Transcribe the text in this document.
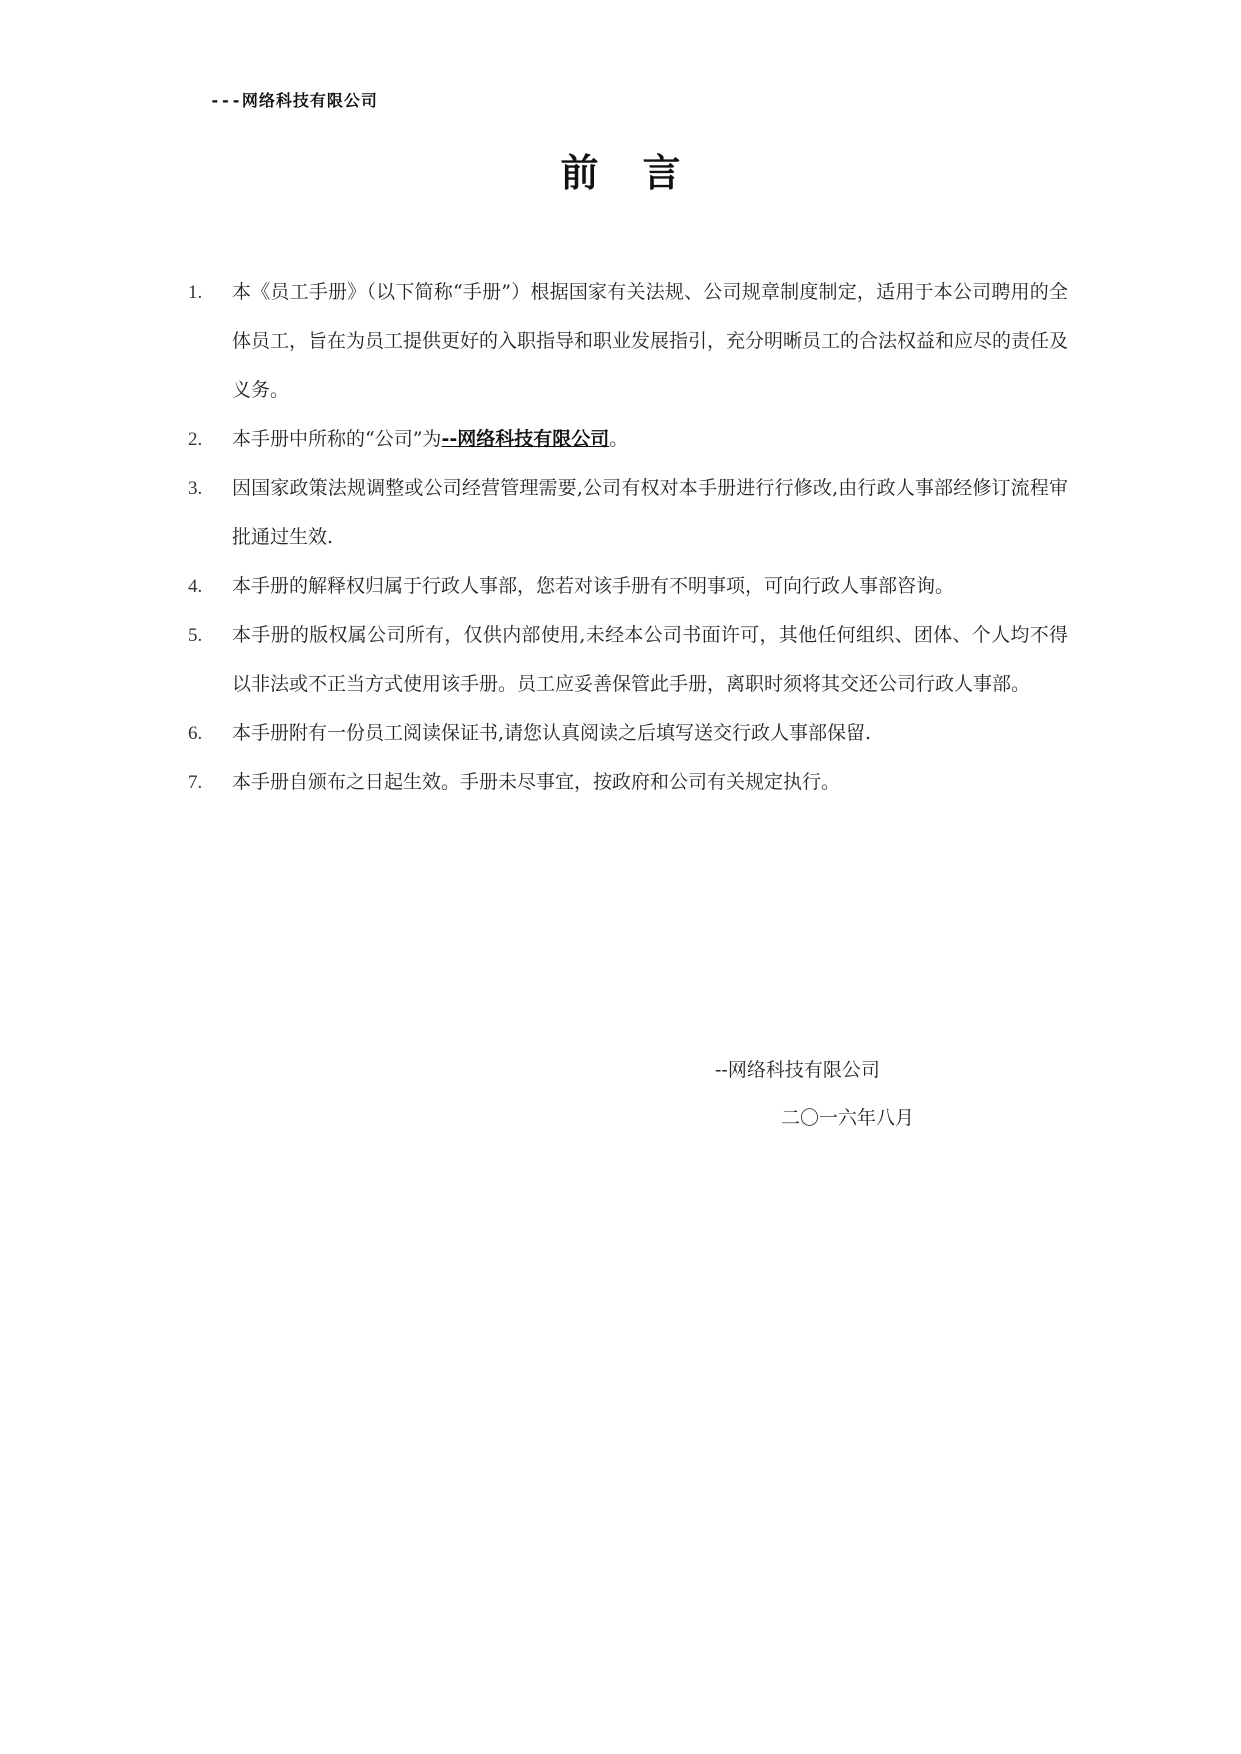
---网络科技有限公司
前言
1.	本《员工手册》（以下简称“手册”）根据国家有关法规、公司规章制度制定，适用于本公司聘用的全体员工，旨在为员工提供更好的入职指导和职业发展指引，充分明晰员工的合法权益和应尽的责任及义务。
2.	本手册中所称的“公司”为--网络科技有限公司。
3.	因国家政策法规调整或公司经营管理需要,公司有权对本手册进行行修改,由行政人事部经修订流程审批通过生效.
4.	本手册的解释权归属于行政人事部，您若对该手册有不明事项，可向行政人事部咨询。
5.	本手册的版权属公司所有，仅供内部使用,未经本公司书面许可，其他任何组织、团体、个人均不得以非法或不正当方式使用该手册。员工应妥善保管此手册，离职时须将其交还公司行政人事部。
6.	本手册附有一份员工阅读保证书,请您认真阅读之后填写送交行政人事部保留.
7.	本手册自颁布之日起生效。手册未尽事宜，按政府和公司有关规定执行。
--网络科技有限公司
二〇一六年八月
